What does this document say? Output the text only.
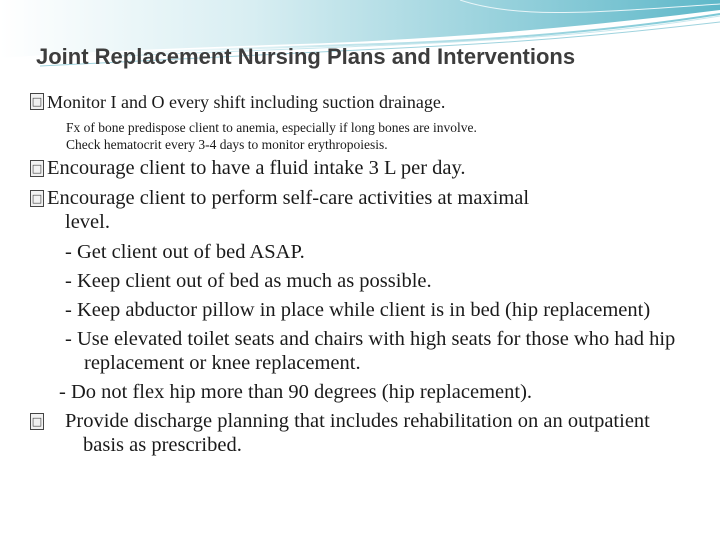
Joint Replacement Nursing Plans and Interventions
□ Monitor I and O every shift including suction drainage.
Fx of bone predispose client to anemia, especially if long bones are involve.
Check hematocrit every 3-4 days to monitor erythropoiesis.
□ Encourage client to have a fluid intake 3 L per day.
□ Encourage client to perform self-care activities at maximal
level.
- Get client out of bed ASAP.
- Keep client out of bed as much as possible.
- Keep abductor pillow in place while client is in bed (hip replacement)
- Use elevated toilet seats and chairs with high seats for those who had hip replacement or knee replacement.
- Do not flex hip more than 90 degrees (hip replacement).
□ Provide discharge planning that includes rehabilitation on an outpatient basis as prescribed.
